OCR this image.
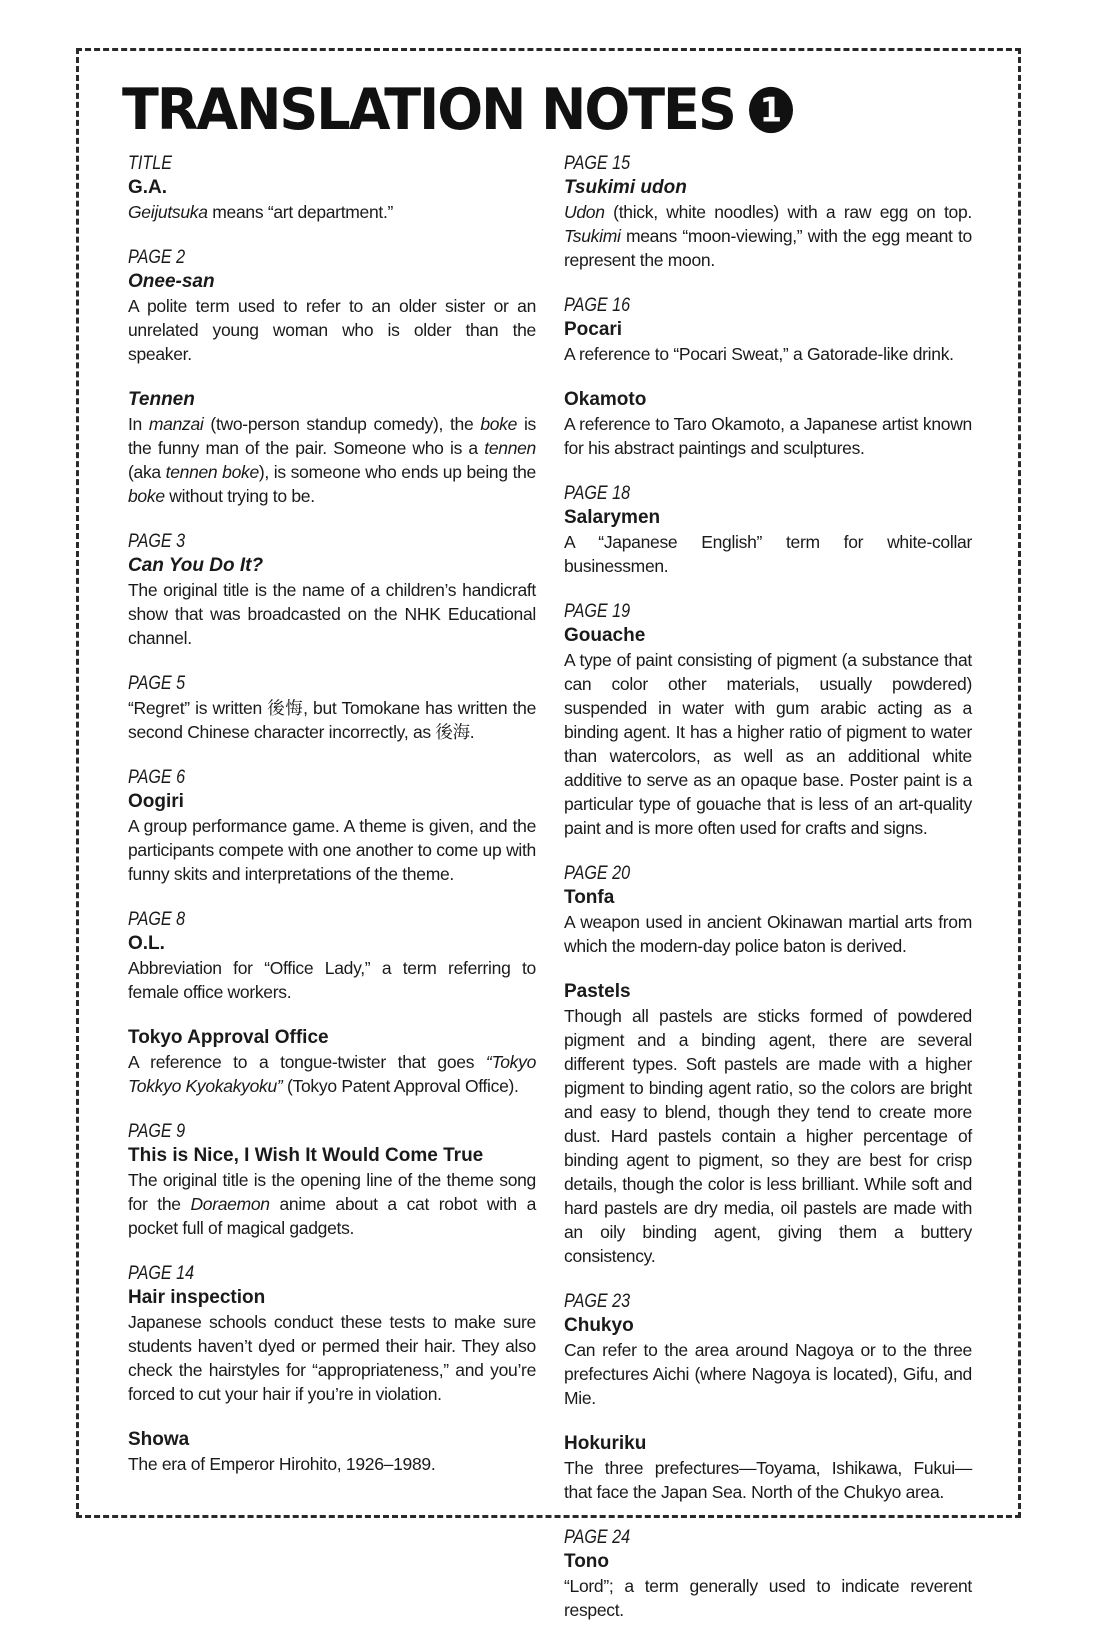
TRANSLATION NOTES 1
TITLE
G.A.

Geijutsuka means “art department.”

PAGE 2
Onee-san

A polite term used to refer to an older sister or an unrelated young woman who is older than the speaker.

Tennen

In manzai (two-person standup comedy), the boke is the funny man of the pair. Someone who is a tennen (aka tennen boke), is someone who ends up being the boke without trying to be.

PAGE 3
Can You Do It?

The original title is the name of a children’s handicraft show that was broadcasted on the NHK Educational channel.

PAGE 5

“Regret” is written 後悔, but Tomokane has written the second Chinese character incorrectly, as 後海.

PAGE 6
Oogiri

A group performance game. A theme is given, and the participants compete with one another to come up with funny skits and interpretations of the theme.

PAGE 8
O.L.

Abbreviation for “Office Lady,” a term referring to female office workers.

Tokyo Approval Office

A reference to a tongue-twister that goes “Tokyo Tokkyo Kyokakyoku” (Tokyo Patent Approval Office).

PAGE 9
This is Nice, I Wish It Would Come True

The original title is the opening line of the theme song for the Doraemon anime about a cat robot with a pocket full of magical gadgets.

PAGE 14
Hair inspection

Japanese schools conduct these tests to make sure students haven’t dyed or permed their hair. They also check the hairstyles for “appropriateness,” and you’re forced to cut your hair if you’re in violation.

Showa

The era of Emperor Hirohito, 1926–1989.

PAGE 15
Tsukimi udon

Udon (thick, white noodles) with a raw egg on top. Tsukimi means “moon-viewing,” with the egg meant to represent the moon.

PAGE 16
Pocari

A reference to “Pocari Sweat,” a Gatorade-like drink.

Okamoto

A reference to Taro Okamoto, a Japanese artist known for his abstract paintings and sculptures.

PAGE 18
Salarymen

A “Japanese English” term for white-collar businessmen.

PAGE 19
Gouache

A type of paint consisting of pigment (a substance that can color other materials, usually powdered) suspended in water with gum arabic acting as a binding agent. It has a higher ratio of pigment to water than watercolors, as well as an additional white additive to serve as an opaque base. Poster paint is a particular type of gouache that is less of an art-quality paint and is more often used for crafts and signs.

PAGE 20
Tonfa

A weapon used in ancient Okinawan martial arts from which the modern-day police baton is derived.

Pastels

Though all pastels are sticks formed of powdered pigment and a binding agent, there are several different types. Soft pastels are made with a higher pigment to binding agent ratio, so the colors are bright and easy to blend, though they tend to create more dust. Hard pastels contain a higher percentage of binding agent to pigment, so they are best for crisp details, though the color is less brilliant. While soft and hard pastels are dry media, oil pastels are made with an oily binding agent, giving them a buttery consistency.

PAGE 23
Chukyo

Can refer to the area around Nagoya or to the three prefectures Aichi (where Nagoya is located), Gifu, and Mie.

Hokuriku

The three prefectures—Toyama, Ishikawa, Fukui—that face the Japan Sea. North of the Chukyo area.

PAGE 24
Tono

“Lord”; a term generally used to indicate reverent respect.
